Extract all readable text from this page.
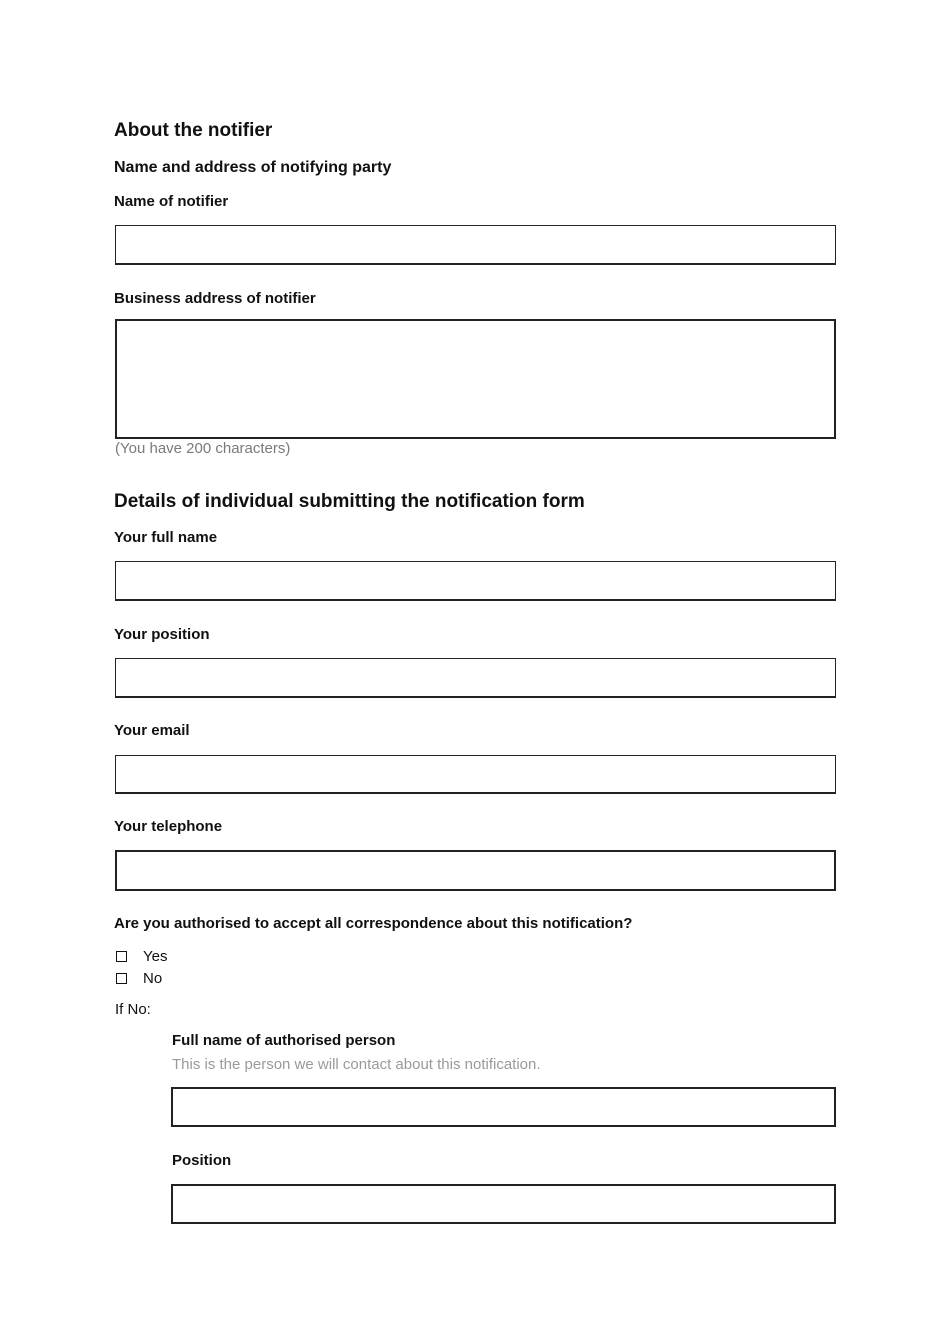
About the notifier
Name and address of notifying party
Name of notifier
Business address of notifier
(You have 200 characters)
Details of individual submitting the notification form
Your full name
Your position
Your email
Your telephone
Are you authorised to accept all correspondence about this notification?
Yes
No
If No:
Full name of authorised person
This is the person we will contact about this notification.
Position
